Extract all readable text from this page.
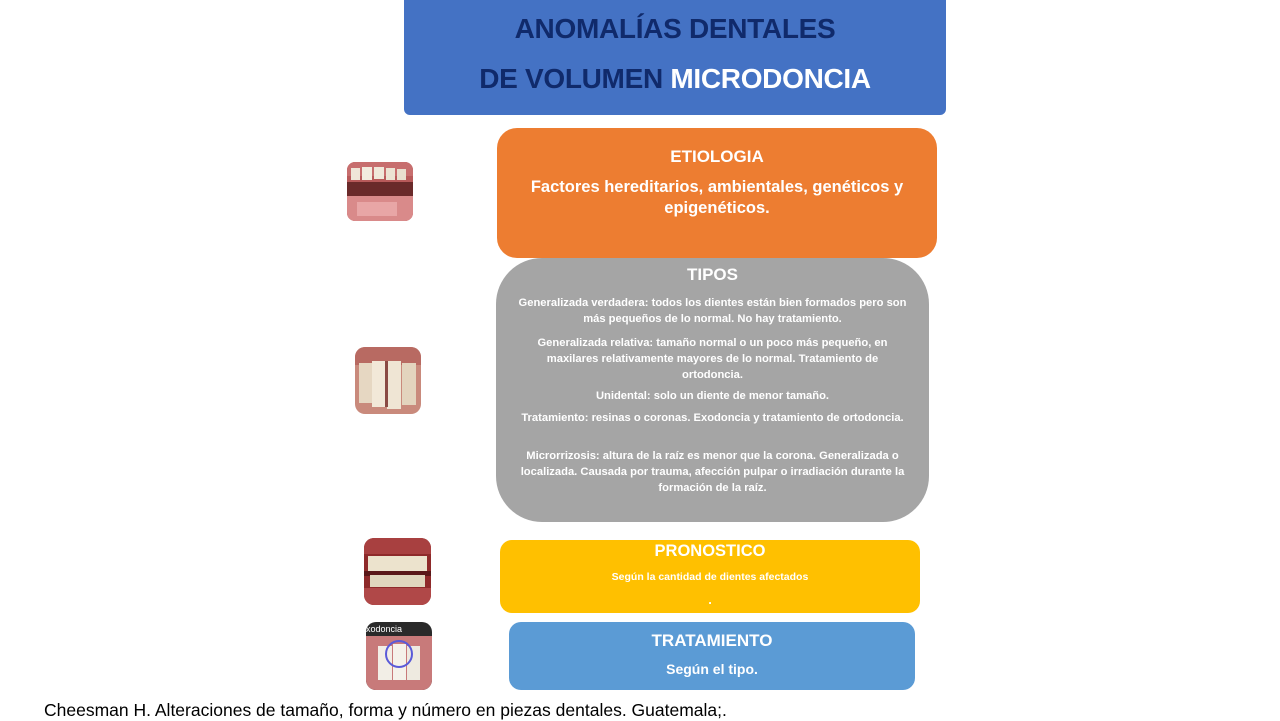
ANOMALÍAS DENTALES
DE VOLUMEN MICRODONCIA
xodoncia
ETIOLOGIA
Factores hereditarios, ambientales, genéticos y epigenéticos.
TIPOS
Generalizada verdadera: todos los dientes están bien formados pero son más pequeños de lo normal. No hay tratamiento.
Generalizada relativa: tamaño normal o un poco más pequeño, en maxilares relativamente mayores de lo normal. Tratamiento de ortodoncia.
Unidental: solo un diente de menor tamaño.
Tratamiento: resinas o coronas. Exodoncia y tratamiento de ortodoncia.
Microrrizosis: altura de la raíz es menor que la corona. Generalizada o localizada. Causada por trauma, afección pulpar o irradiación durante la formación de la raíz.
PRONOSTICO
Según la cantidad de dientes afectados
.
TRATAMIENTO
Según el tipo.
Cheesman H. Alteraciones de tamaño, forma y número en piezas dentales. Guatemala;.
